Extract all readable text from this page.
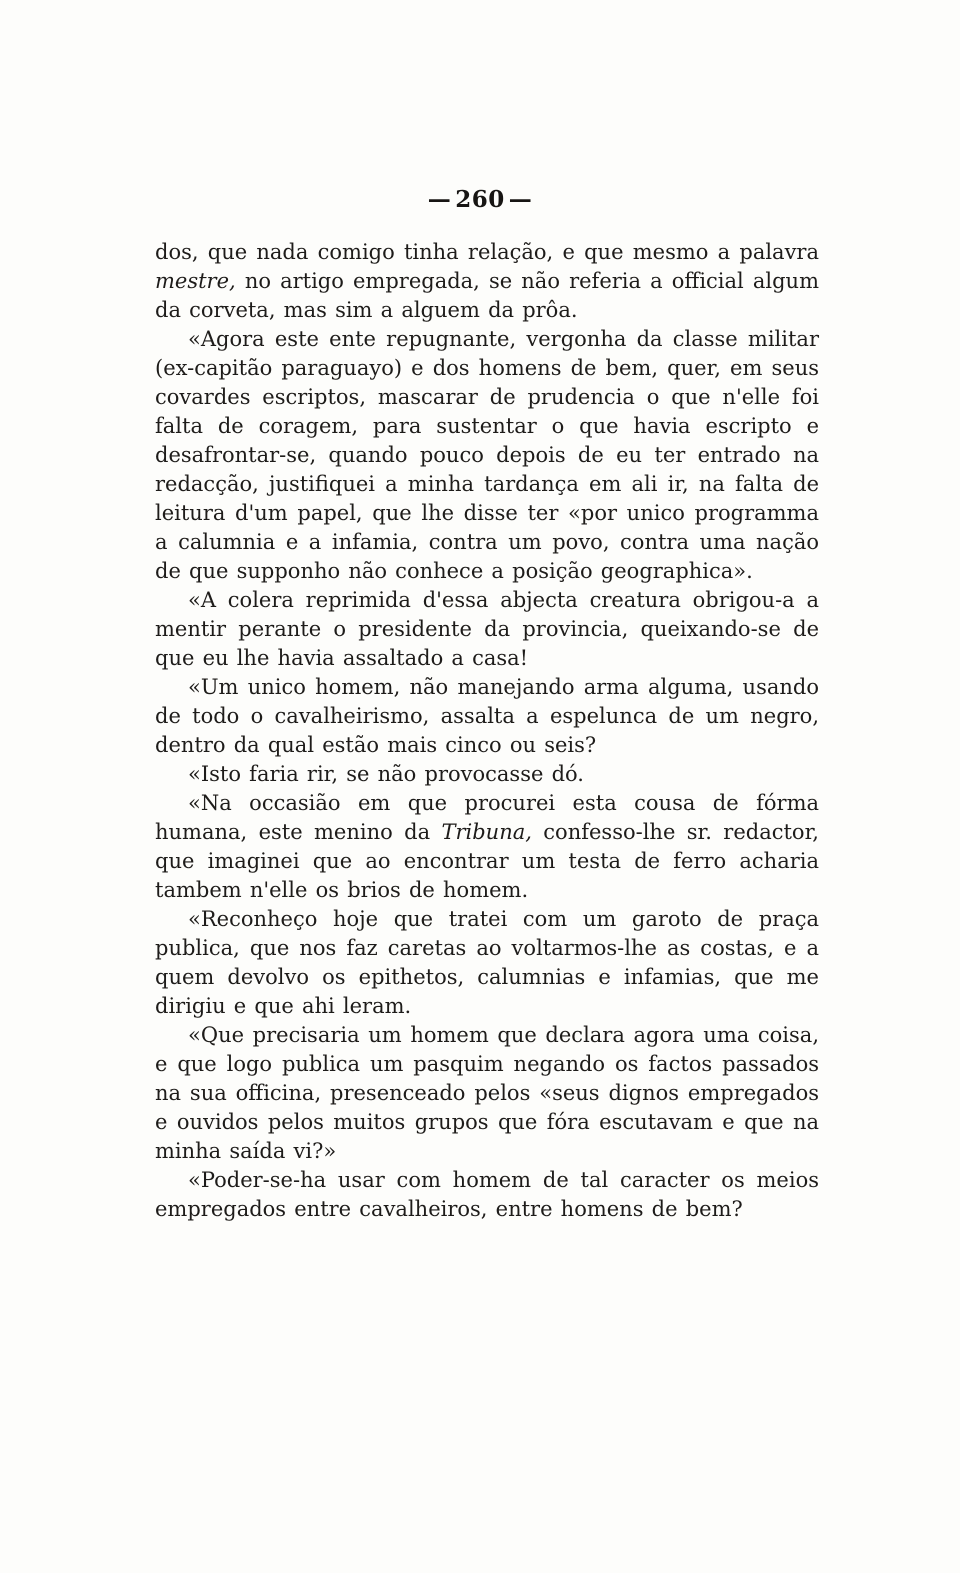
— 260 —

dos, que nada comigo tinha relação, e que mesmo a palavra mestre, no artigo empregada, se não referia a official algum da corveta, mas sim a alguem da prôa.

«Agora este ente repugnante, vergonha da classe militar (ex-capitão paraguayo) e dos homens de bem, quer, em seus covardes escriptos, mascarar de prudencia o que n'elle foi falta de coragem, para sustentar o que havia escripto e desafrontar-se, quando pouco depois de eu ter entrado na redacção, justifiquei a minha tardança em ali ir, na falta de leitura d'um papel, que lhe disse ter «por unico programma a calumnia e a infamia, contra um povo, contra uma nação de que supponho não conhece a posição geographica».

«A colera reprimida d'essa abjecta creatura obrigou-a a mentir perante o presidente da provincia, queixando-se de que eu lhe havia assaltado a casa!

«Um unico homem, não manejando arma alguma, usando de todo o cavalheirismo, assalta a espelunca de um negro, dentro da qual estão mais cinco ou seis?

«Isto faria rir, se não provocasse dó.

«Na occasião em que procurei esta cousa de fórma humana, este menino da Tribuna, confesso-lhe sr. redactor, que imaginei que ao encontrar um testa de ferro acharia tambem n'elle os brios de homem.

«Reconheço hoje que tratei com um garoto de praça publica, que nos faz caretas ao voltarmos-lhe as costas, e a quem devolvo os epithetos, calumnias e infamias, que me dirigiu e que ahi leram.

«Que precisaria um homem que declara agora uma coisa, e que logo publica um pasquim negando os factos passados na sua officina, presenceado pelos «seus dignos empregados e ouvidos pelos muitos grupos que fóra escutavam e que na minha saída vi?»

«Poder-se-ha usar com homem de tal caracter os meios empregados entre cavalheiros, entre homens de bem?
